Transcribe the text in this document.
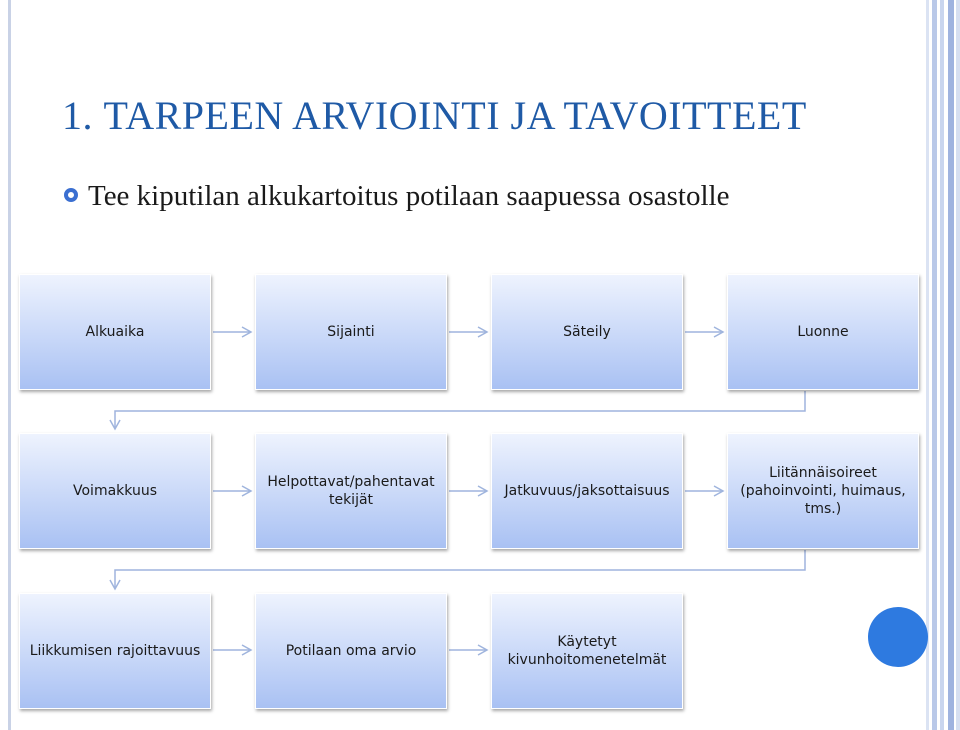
1. TARPEEN ARVIOINTI JA TAVOITTEET
Tee kiputilan alkukartoitus potilaan saapuessa osastolle
Alkuaika	Sijainti	Säteily	Luonne
Voimakkuus
Helpottavat/pahentavat tekijät
Jatkuvuus/jaksottaisuus
Liitännäisoireet (pahoinvointi, huimaus, tms.)
Liikkumisen rajoittavuus	Potilaan oma arvio
Käytetyt kivunhoitomenetelmät
